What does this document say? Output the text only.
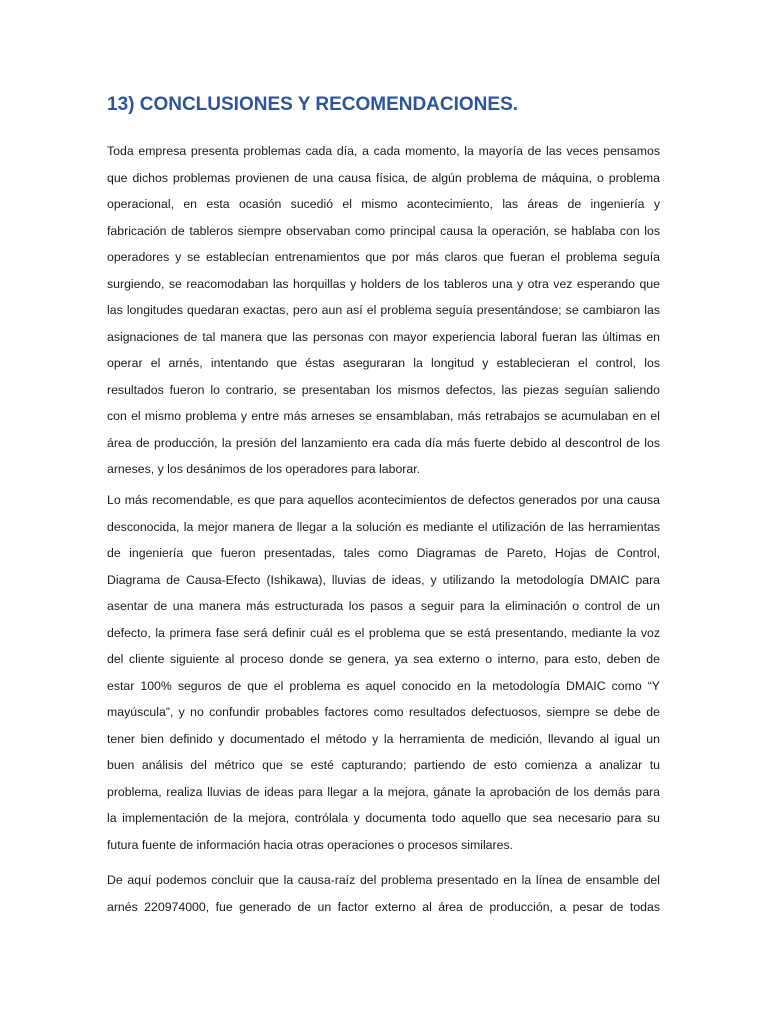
13) CONCLUSIONES Y RECOMENDACIONES.
Toda empresa presenta problemas cada día, a cada momento, la mayoría de las veces pensamos
que dichos problemas provienen de una causa física, de algún problema de máquina, o problema
operacional, en esta ocasión sucedió el mismo acontecimiento, las áreas de ingeniería y
fabricación de tableros siempre observaban como principal causa la operación, se hablaba con los
operadores y se establecían entrenamientos que por más claros que fueran el problema seguía
surgiendo, se reacomodaban las horquillas y holders de los tableros una y otra vez esperando que
las longitudes quedaran exactas, pero aun así el problema seguía presentándose; se cambiaron las
asignaciones de tal manera que las personas con mayor experiencia laboral fueran las últimas en
operar el arnés, intentando que éstas aseguraran la longitud y establecieran el control, los
resultados fueron lo contrario, se presentaban los mismos defectos, las piezas seguían saliendo
con el mismo problema y entre más arneses se ensamblaban, más retrabajos se acumulaban en el
área de producción, la presión del lanzamiento era cada día más fuerte debido al descontrol de los
arneses, y los desánimos de los operadores para laborar.
Lo más recomendable, es que para aquellos acontecimientos de defectos generados por una causa
desconocida, la mejor manera de llegar a la solución es mediante el utilización de las herramientas
de ingeniería que fueron presentadas, tales como Diagramas de Pareto, Hojas de Control,
Diagrama de Causa-Efecto (Ishikawa), lluvias de ideas, y utilizando la metodología DMAIC para
asentar de una manera más estructurada los pasos a seguir para la eliminación o control de un
defecto, la primera fase será definir cuál es el problema que se está presentando, mediante la voz
del cliente siguiente al proceso donde se genera, ya sea externo o interno, para esto, deben de
estar 100% seguros de que el problema es aquel conocido en la metodología DMAIC como “Y
mayúscula”, y no confundir probables factores como resultados defectuosos, siempre se debe de
tener bien definido y documentado el método y la herramienta de medición, llevando al igual un
buen análisis del métrico que se esté capturando; partiendo de esto comienza a analizar tu
problema, realiza lluvias de ideas para llegar a la mejora, gánate la aprobación de los demás para
la implementación de la mejora, contrólala y documenta todo aquello que sea necesario para su
futura fuente de información hacia otras operaciones o procesos similares.
De aquí podemos concluir que la causa-raíz del problema presentado en la línea de ensamble del
arnés 220974000, fue generado de un factor externo al área de producción, a pesar de todas
